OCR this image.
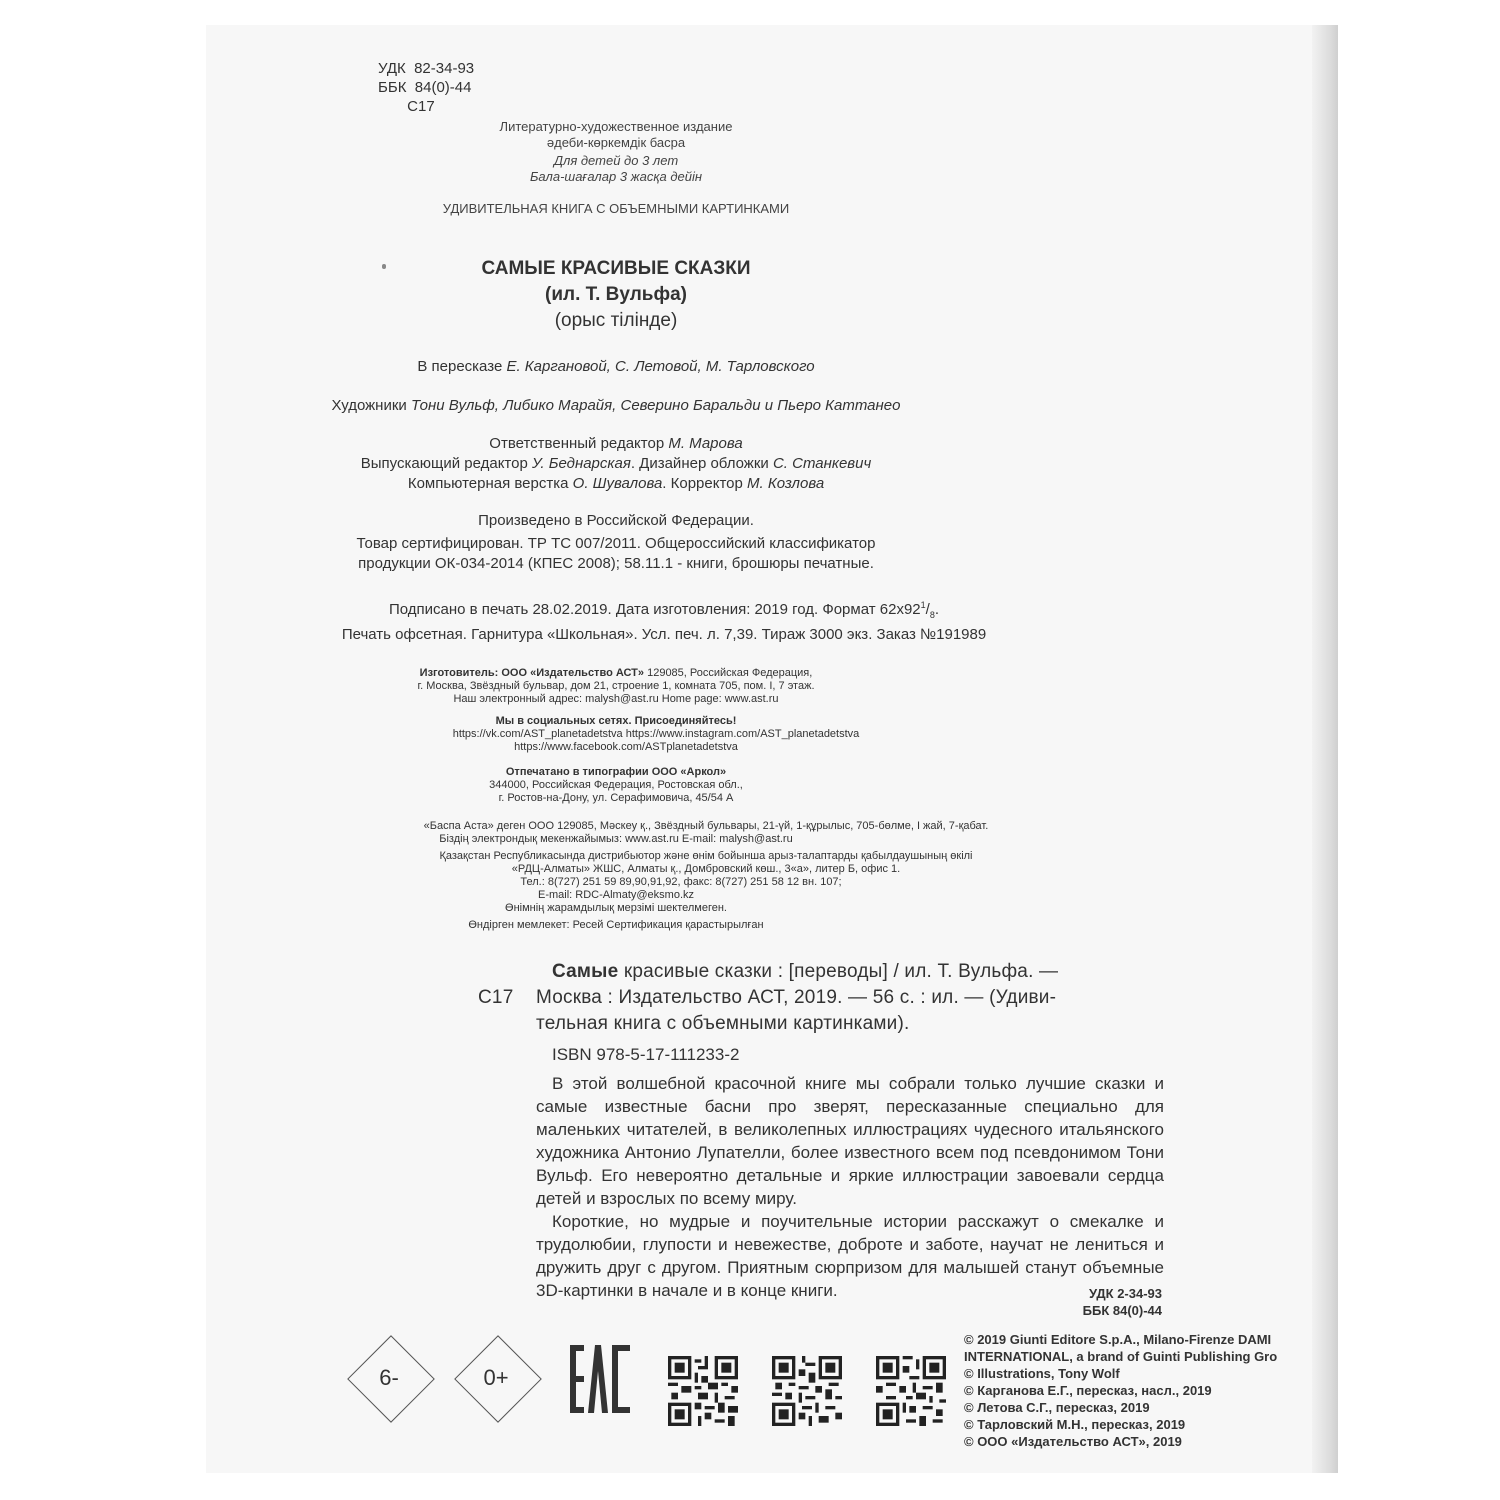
УДК  82-34-93
ББК  84(0)-44
С17
Литературно-художественное издание
әдеби-көркемдік басpa
Для детей до 3 лет
Бала-шағалар 3 жасқа дейін
УДИВИТЕЛЬНАЯ КНИГА С ОБЪЕМНЫМИ КАРТИНКАМИ
САМЫЕ КРАСИВЫЕ СКАЗКИ
(ил. Т. Вульфа)
(орыс тілінде)
В пересказе Е. Каргановой, С. Летовой, М. Тарловского
Художники Тони Вульф, Либико Марайя, Северино Баральди и Пьеро Каттанео
Ответственный редактор М. Марова
Выпускающий редактор У. Беднарская. Дизайнер обложки С. Станкевич
Компьютерная верстка О. Шувалова. Корректор М. Козлова
Произведено в Российской Федерации.
Товар сертифицирован. ТР ТС 007/2011. Общероссийский классификатор
продукции ОК-034-2014 (КПЕС 2008); 58.11.1 - книги, брошюры печатные.
Подписано в печать 28.02.2019. Дата изготовления: 2019 год. Формат $62x92^1/_8$.
Печать офсетная. Гарнитура «Школьная». Усл. печ. л. 7,39. Тираж 3000 экз. Заказ №191989
Изготовитель: ООО «Издательство АСТ» 129085, Российская Федерация,
г. Москва, Звёздный бульвар, дом 21, строение 1, комната 705, пом. I, 7 этаж.
Наш электронный адрес: malysh@ast.ru Home page: www.ast.ru
Мы в социальных сетях. Присоединяйтесь!
https://vk.com/AST_planetadetstva https://www.instagram.com/AST_planetadetstva
https://www.facebook.com/ASTplanetadetstva
Отпечатано в типографии ООО «Аркол»
344000, Российская Федерация, Ростовская обл.,
г. Ростов-на-Дону, ул. Серафимовича, 45/54 А
«Баспа Аста» деген ООО 129085, Мәскеу қ., Звёздный бульвары, 21-үй, 1-құрылыс, 705-бөлме, I жай, 7-қабат.
Біздің электрондық мекенжайымыз: www.ast.ru E-mail: malysh@ast.ru
Қазақстан Республикасында дистрибьютор және өнім бойынша арыз-талаптарды қабылдаушының өкілі
«РДЦ-Алматы» ЖШС, Алматы қ., Домбровский көш., 3«а», литер Б, офис 1.
Тел.: 8(727) 251 59 89,90,91,92, факс: 8(727) 251 58 12 вн. 107;
E-mail: RDC-Almaty@eksmo.kz
Өнімнің жарамдылық мерзімі шектелмеген.
Өндірген мемлекет: Ресей Сертификация қарастырылған
С17
Самые красивые сказки : [переводы] / ил. Т. Вульфа. —
Москва : Издательство АСТ, 2019. — 56 с. : ил. — (Удиви-
тельная книга с объемными картинками).
ISBN 978-5-17-111233-2
В этой волшебной красочной книге мы собрали только лучшие сказки и самые известные басни про зверят, пересказанные специально для маленьких читателей, в великолепных иллюстрациях чудесного итальянского художника Антонио Лупателли, более известного всем под псевдонимом Тони Вульф. Его невероятно детальные и яркие иллюстрации завоевали сердца детей и взрослых по всему миру.
Короткие, но мудрые и поучительные истории расскажут о смекалке и трудолюбии, глупости и невежестве, доброте и заботе, научат не лениться и дружить друг с другом. Приятным сюрпризом для малышей станут объемные 3D-картинки в начале и в конце книги.	УДК 2-34-93
ББК 84(0)-44
© 2019 Giunti Editore S.p.A., Milano-Firenze DAMI
INTERNATIONAL, a brand of Guinti Publishing Gro
© Illustrations, Tony Wolf
© Карганова Е.Г., пересказ, насл., 2019
© Летова С.Г., пересказ, 2019
© Тарловский М.Н., пересказ, 2019
© ООО «Издательство АСТ», 2019
6-	0+
